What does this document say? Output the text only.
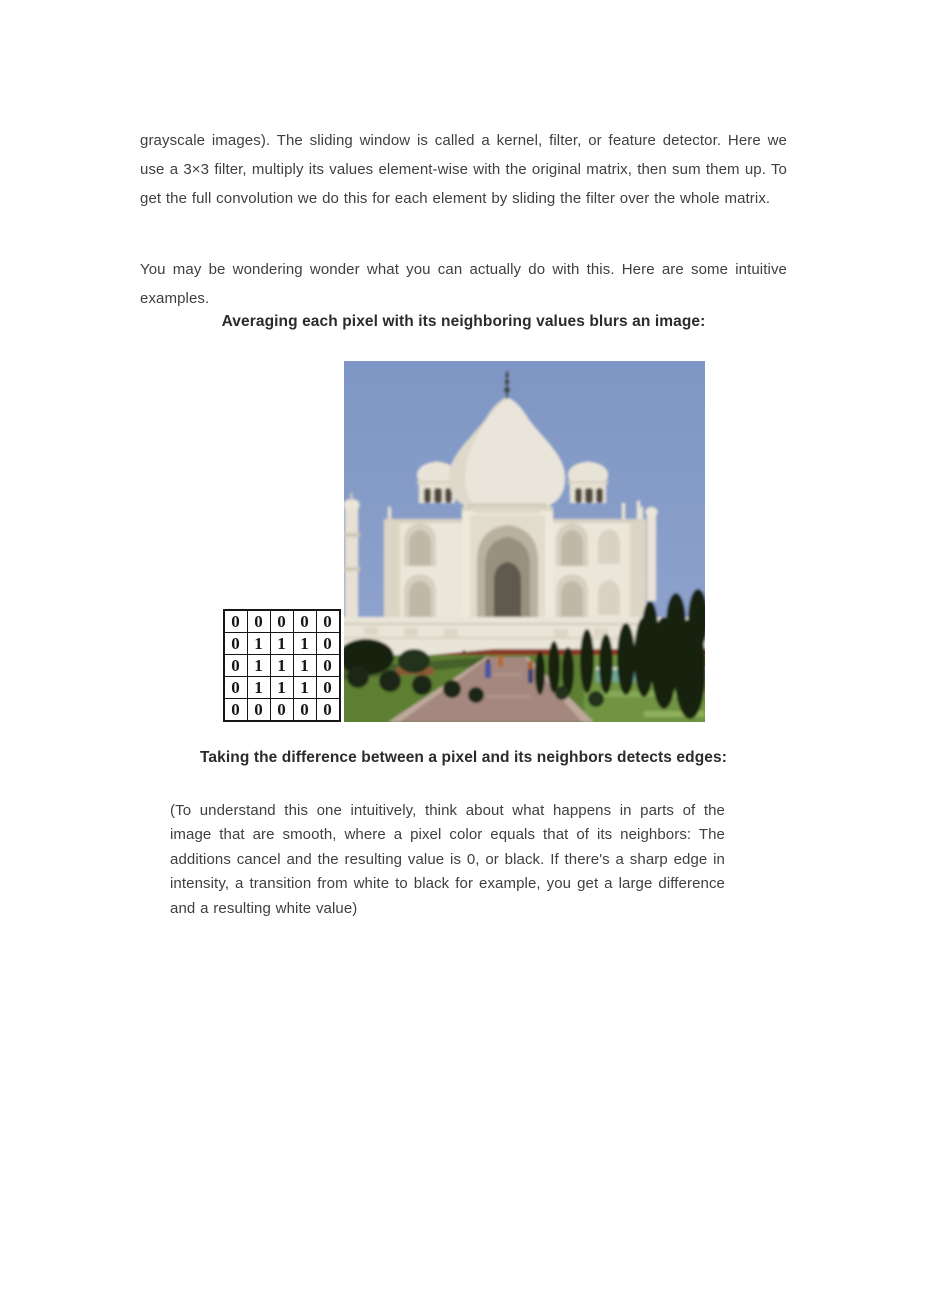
grayscale images). The sliding window is called a kernel, filter, or feature detector. Here we use a 3×3 filter, multiply its values element-wise with the original matrix, then sum them up. To get the full convolution we do this for each element by sliding the filter over the whole matrix.

You may be wondering wonder what you can actually do with this. Here are some intuitive examples.

Averaging each pixel with its neighboring values blurs an image:
0	0	0	0	0
0	1	1	1	0
0	1	1	1	0
0	1	1	1	0
0	0	0	0	0
Taking the difference between a pixel and its neighbors detects edges:

(To understand this one intuitively, think about what happens in parts of the image that are smooth, where a pixel color equals that of its neighbors: The additions cancel and the resulting value is 0, or black. If there's a sharp edge in intensity, a transition from white to black for example, you get a large difference and a resulting white value)
